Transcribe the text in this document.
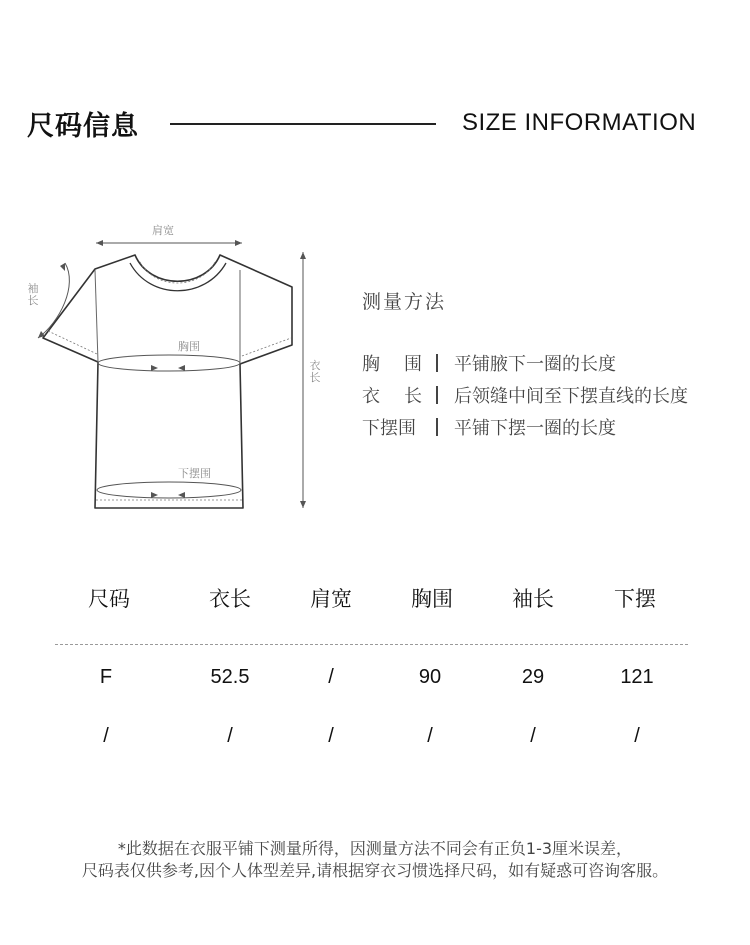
尺码信息	SIZE INFORMATION
肩宽
袖长
胸围
下摆围
衣长
测量方法
胸 围 平铺腋下一圈的长度
衣 长 后领缝中间至下摆直线的长度
下摆围	平铺下摆一圈的长度
尺码	衣长	肩宽	胸围	袖长	下摆
F	52.5	/	90	29	121
/	/	/	/	/	/
*此数据在衣服平铺下测量所得，因测量方法不同会有正负1-3厘米误差，
尺码表仅供参考,因个人体型差异,请根据穿衣习惯选择尺码，如有疑惑可咨询客服。
